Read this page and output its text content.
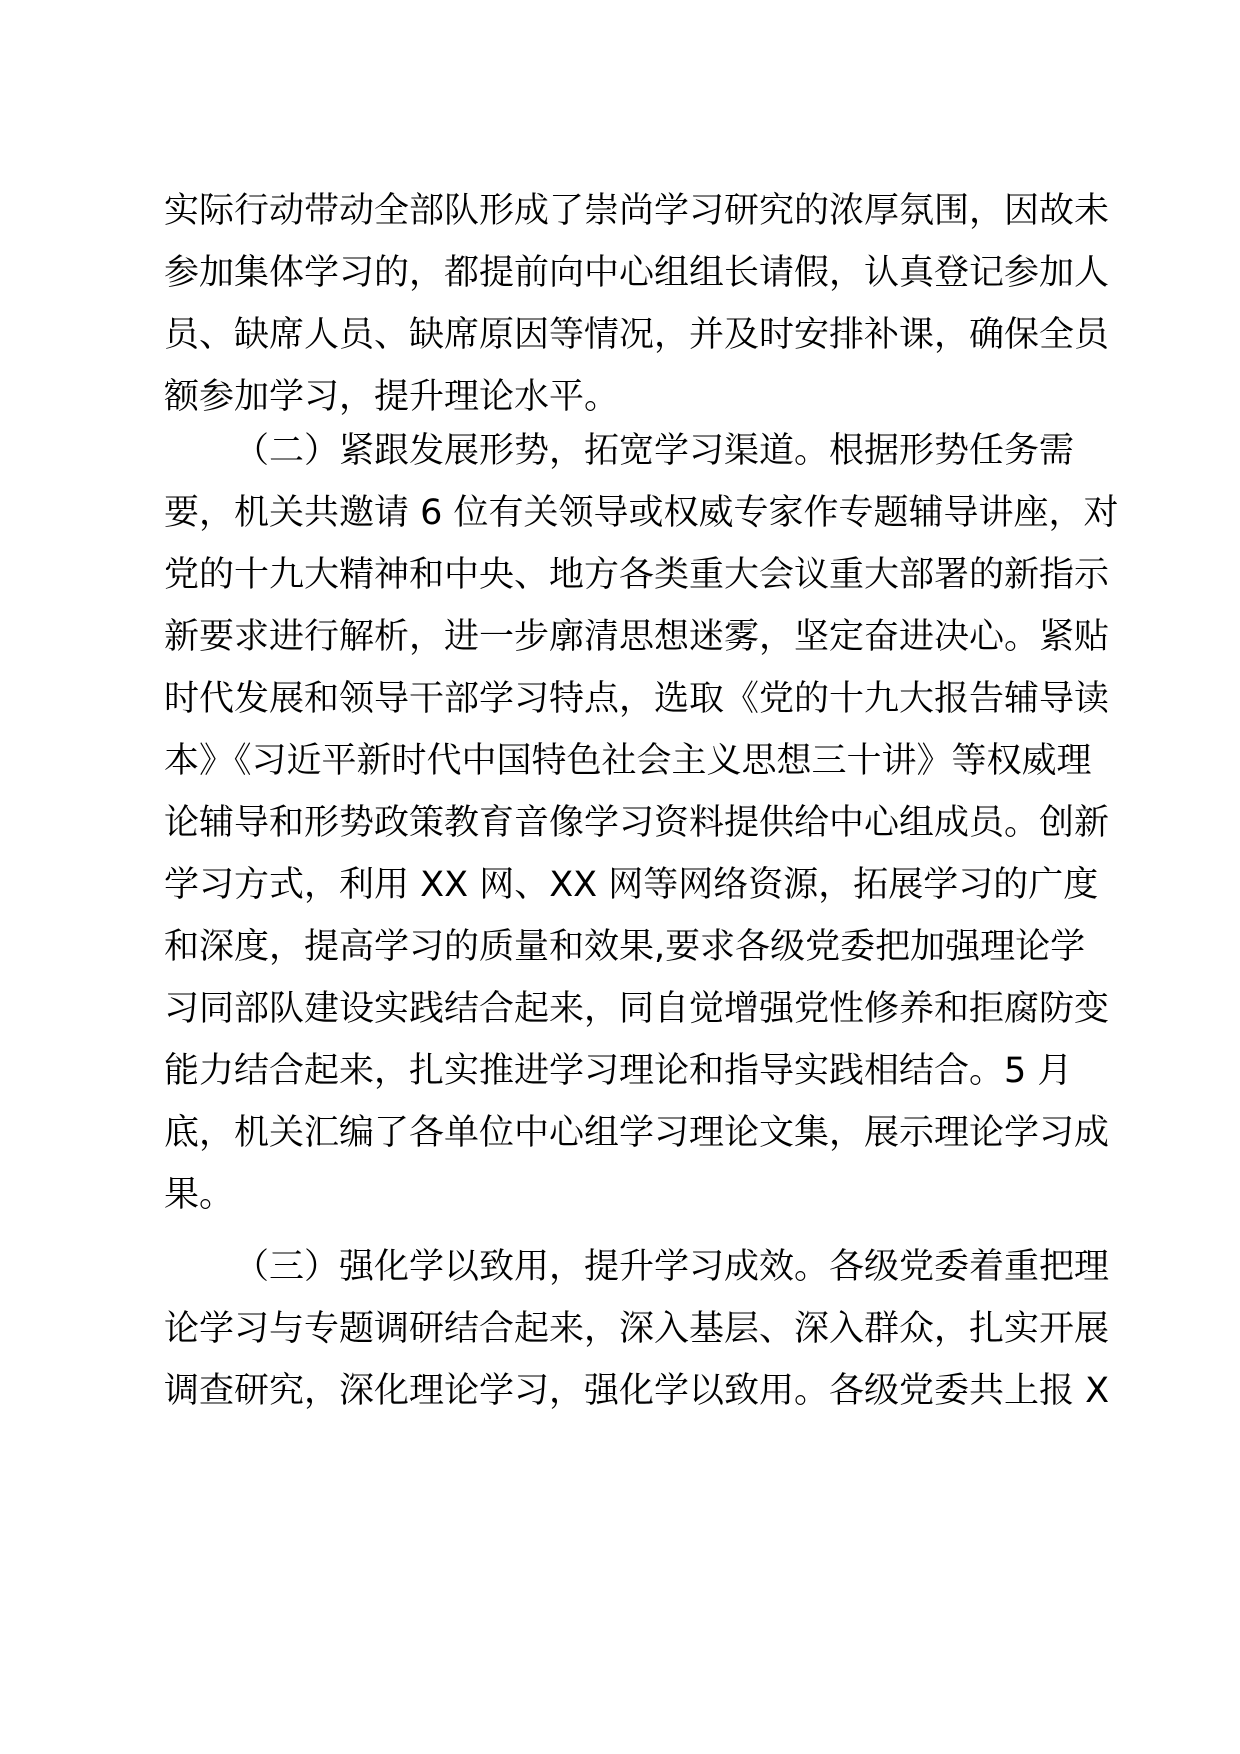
实际行动带动全部队形成了崇尚学习研究的浓厚氛围，因故未
参加集体学习的，都提前向中心组组长请假，认真登记参加人
员、缺席人员、缺席原因等情况，并及时安排补课，确保全员
额参加学习，提升理论水平。
（二）紧跟发展形势，拓宽学习渠道。根据形势任务需
要，机关共邀请 6 位有关领导或权威专家作专题辅导讲座，对
党的十九大精神和中央、地方各类重大会议重大部署的新指示
新要求进行解析，进一步廓清思想迷雾，坚定奋进决心。紧贴
时代发展和领导干部学习特点，选取《党的十九大报告辅导读
本》《习近平新时代中国特色社会主义思想三十讲》等权威理
论辅导和形势政策教育音像学习资料提供给中心组成员。创新
学习方式，利用 XX 网、XX 网等网络资源，拓展学习的广度
和深度，提高学习的质量和效果,要求各级党委把加强理论学
习同部队建设实践结合起来，同自觉增强党性修养和拒腐防变
能力结合起来，扎实推进学习理论和指导实践相结合。5 月
底，机关汇编了各单位中心组学习理论文集，展示理论学习成
果。
（三）强化学以致用，提升学习成效。各级党委着重把理
论学习与专题调研结合起来，深入基层、深入群众，扎实开展
调查研究，深化理论学习，强化学以致用。各级党委共上报 X
